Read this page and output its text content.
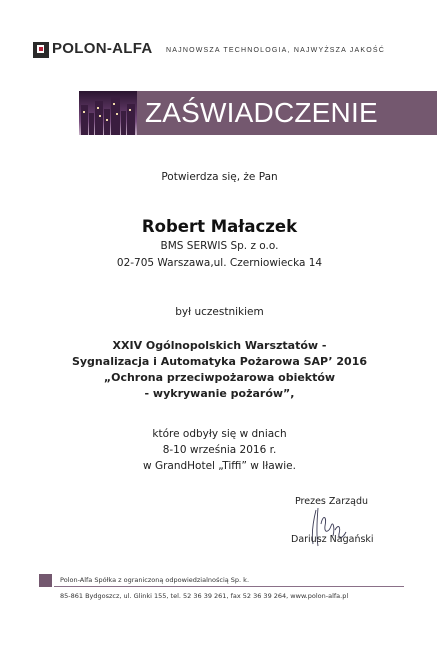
POLON-ALFA NAJNOWSZA TECHNOLOGIA, NAJWYŻSZA JAKOŚĆ
ZAŚWIADCZENIE
Potwierdza się, że Pan
Robert Małaczek
BMS SERWIS Sp. z o.o.
02-705 Warszawa,ul. Czerniowiecka 14
był uczestnikiem
XXIV Ogólnopolskich Warsztatów -
Sygnalizacja i Automatyka Pożarowa SAP’ 2016
„Ochrona przeciwpożarowa obiektów
- wykrywanie pożarów”,
które odbyły się w dniach
8-10 września 2016 r.
w GrandHotel „Tiffi” w Iławie.
Prezes Zarządu
Dariusz Nagański
Polon-Alfa Spółka z ograniczoną odpowiedzialnością Sp. k.
85-861 Bydgoszcz, ul. Glinki 155, tel. 52 36 39 261, fax 52 36 39 264, www.polon-alfa.pl
